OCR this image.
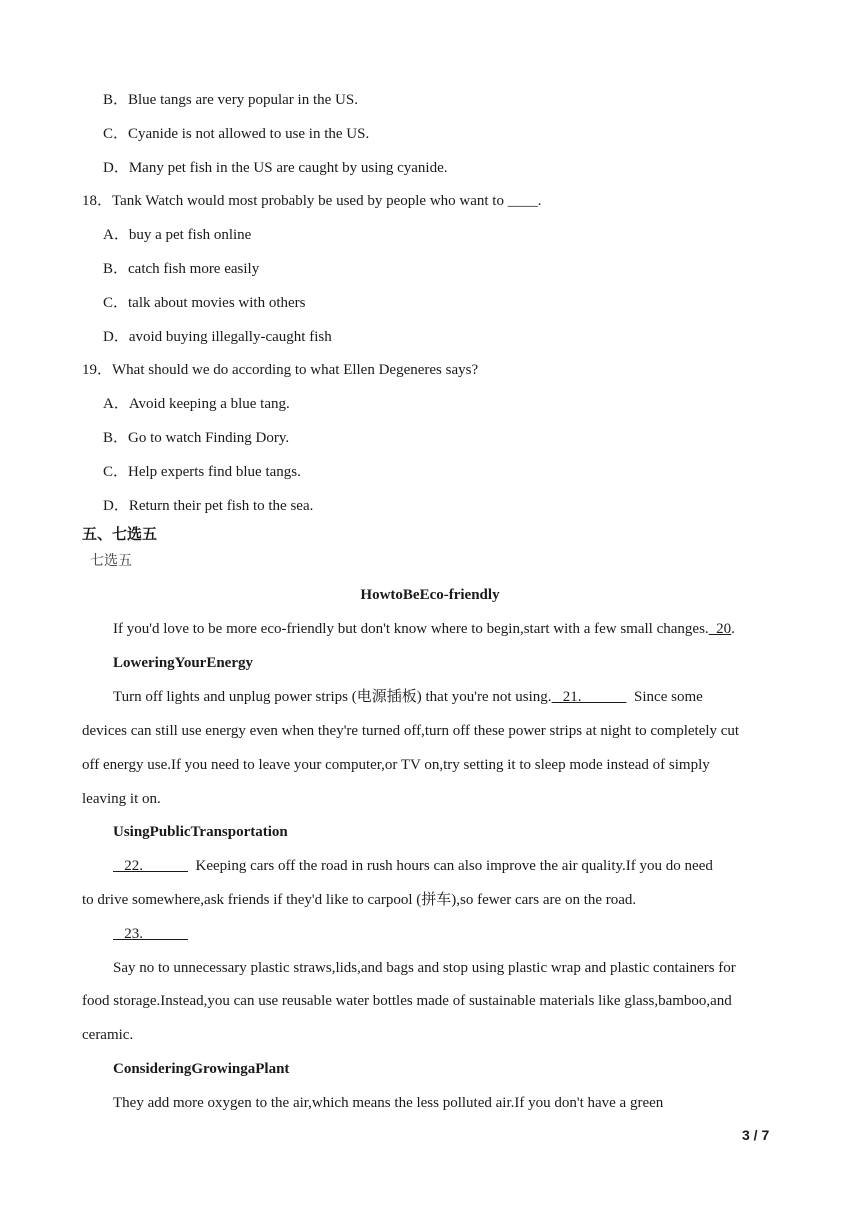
B．Blue tangs are very popular in the US.
C．Cyanide is not allowed to use in the US.
D．Many pet fish in the US are caught by using cyanide.
18．Tank Watch would most probably be used by people who want to ____.
A．buy a pet fish online
B．catch fish more easily
C．talk about movies with others
D．avoid buying illegally-caught fish
19．What should we do according to what Ellen Degeneres says?
A．Avoid keeping a blue tang.
B．Go to watch Finding Dory.
C．Help experts find blue tangs.
D．Return their pet fish to the sea.
五、七选五
七选五
HowtoBeEco-friendly
If you'd love to be more eco-friendly but don't know where to begin,start with a few small changes.  20.
LoweringYourEnergy
Turn off lights and unplug power strips (电源插板) that you're not using.   21.              Since some
devices can still use energy even when they're turned off,turn off these power strips at night to completely cut
off energy use.If you need to leave your computer,or TV on,try setting it to sleep mode instead of simply
leaving it on.
UsingPublicTransportation
22.              Keeping cars off the road in rush hours can also improve the air quality.If you do need
to drive somewhere,ask friends if they'd like to carpool (拼车),so fewer cars are on the road.
23.
Say no to unnecessary plastic straws,lids,and bags and stop using plastic wrap and plastic containers for
food storage.Instead,you can use reusable water bottles made of sustainable materials like glass,bamboo,and
ceramic.
ConsideringGrowingaPlant
They add more oxygen to the air,which means the less polluted air.If you don't have a green
3 / 7
